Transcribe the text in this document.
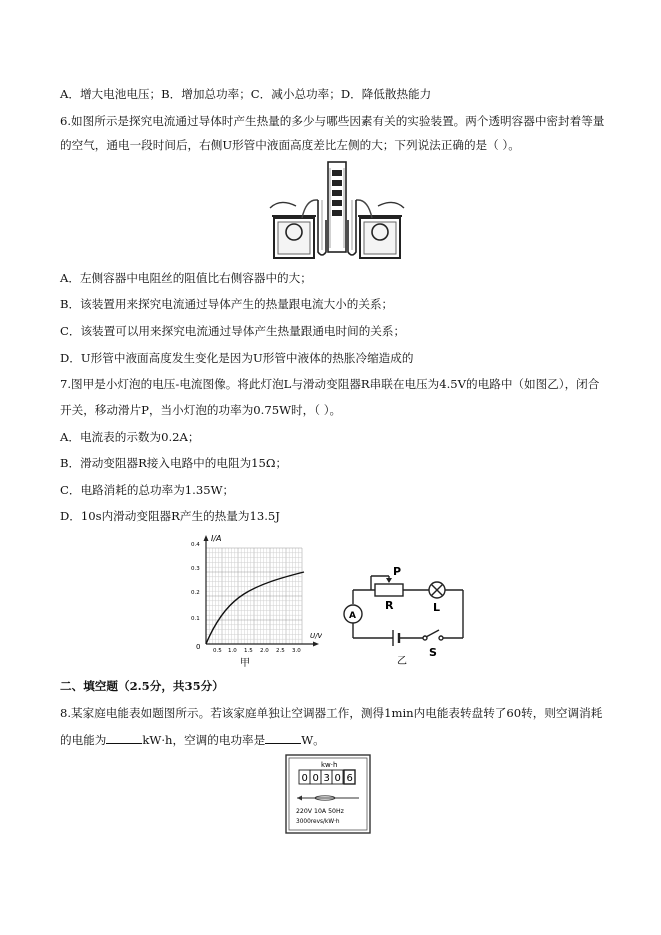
A．增大电池电压；B．增加总功率；C．减小总功率；D．降低散热能力
6.如图所示是探究电流通过导体时产生热量的多少与哪些因素有关的实验装置。两个透明容器中密封着等量
的空气，通电一段时间后，右侧U形管中液面高度差比左侧的大；下列说法正确的是（ ）。
A．左侧容器中电阻丝的阻值比右侧容器中的大；
B．该装置用来探究电流通过导体产生的热量跟电流大小的关系；
C．该装置可以用来探究电流通过导体产生热量跟通电时间的关系；
D．U形管中液面高度发生变化是因为U形管中液体的热胀冷缩造成的
7.图甲是小灯泡的电压-电流图像。将此灯泡L与滑动变阻器R串联在电压为4.5V的电路中（如图乙），闭合
开关，移动滑片P，当小灯泡的功率为0.75W时，（ ）。
A．电流表的示数为0.2A；
B．滑动变阻器R接入电路中的电阻为15Ω；
C．电路消耗的总功率为1.35W；
D．10s内滑动变阻器R产生的热量为13.5J
I/A
U/V
0
0.1
0.2
0.3
0.4
0.5 1.0 1.5 2.0 2.5 3.0
甲
P
R	L
A
S
乙
二、填空题（2.5分，共35分）
8.某家庭电能表如题图所示。若该家庭单独让空调器工作，测得1min内电能表转盘转了60转，则空调消耗
的电能为	kW·h，空调的电功率是	W。
kw·h
0 0 3 0 6
220V 10A 50Hz
3000revs/kW·h
